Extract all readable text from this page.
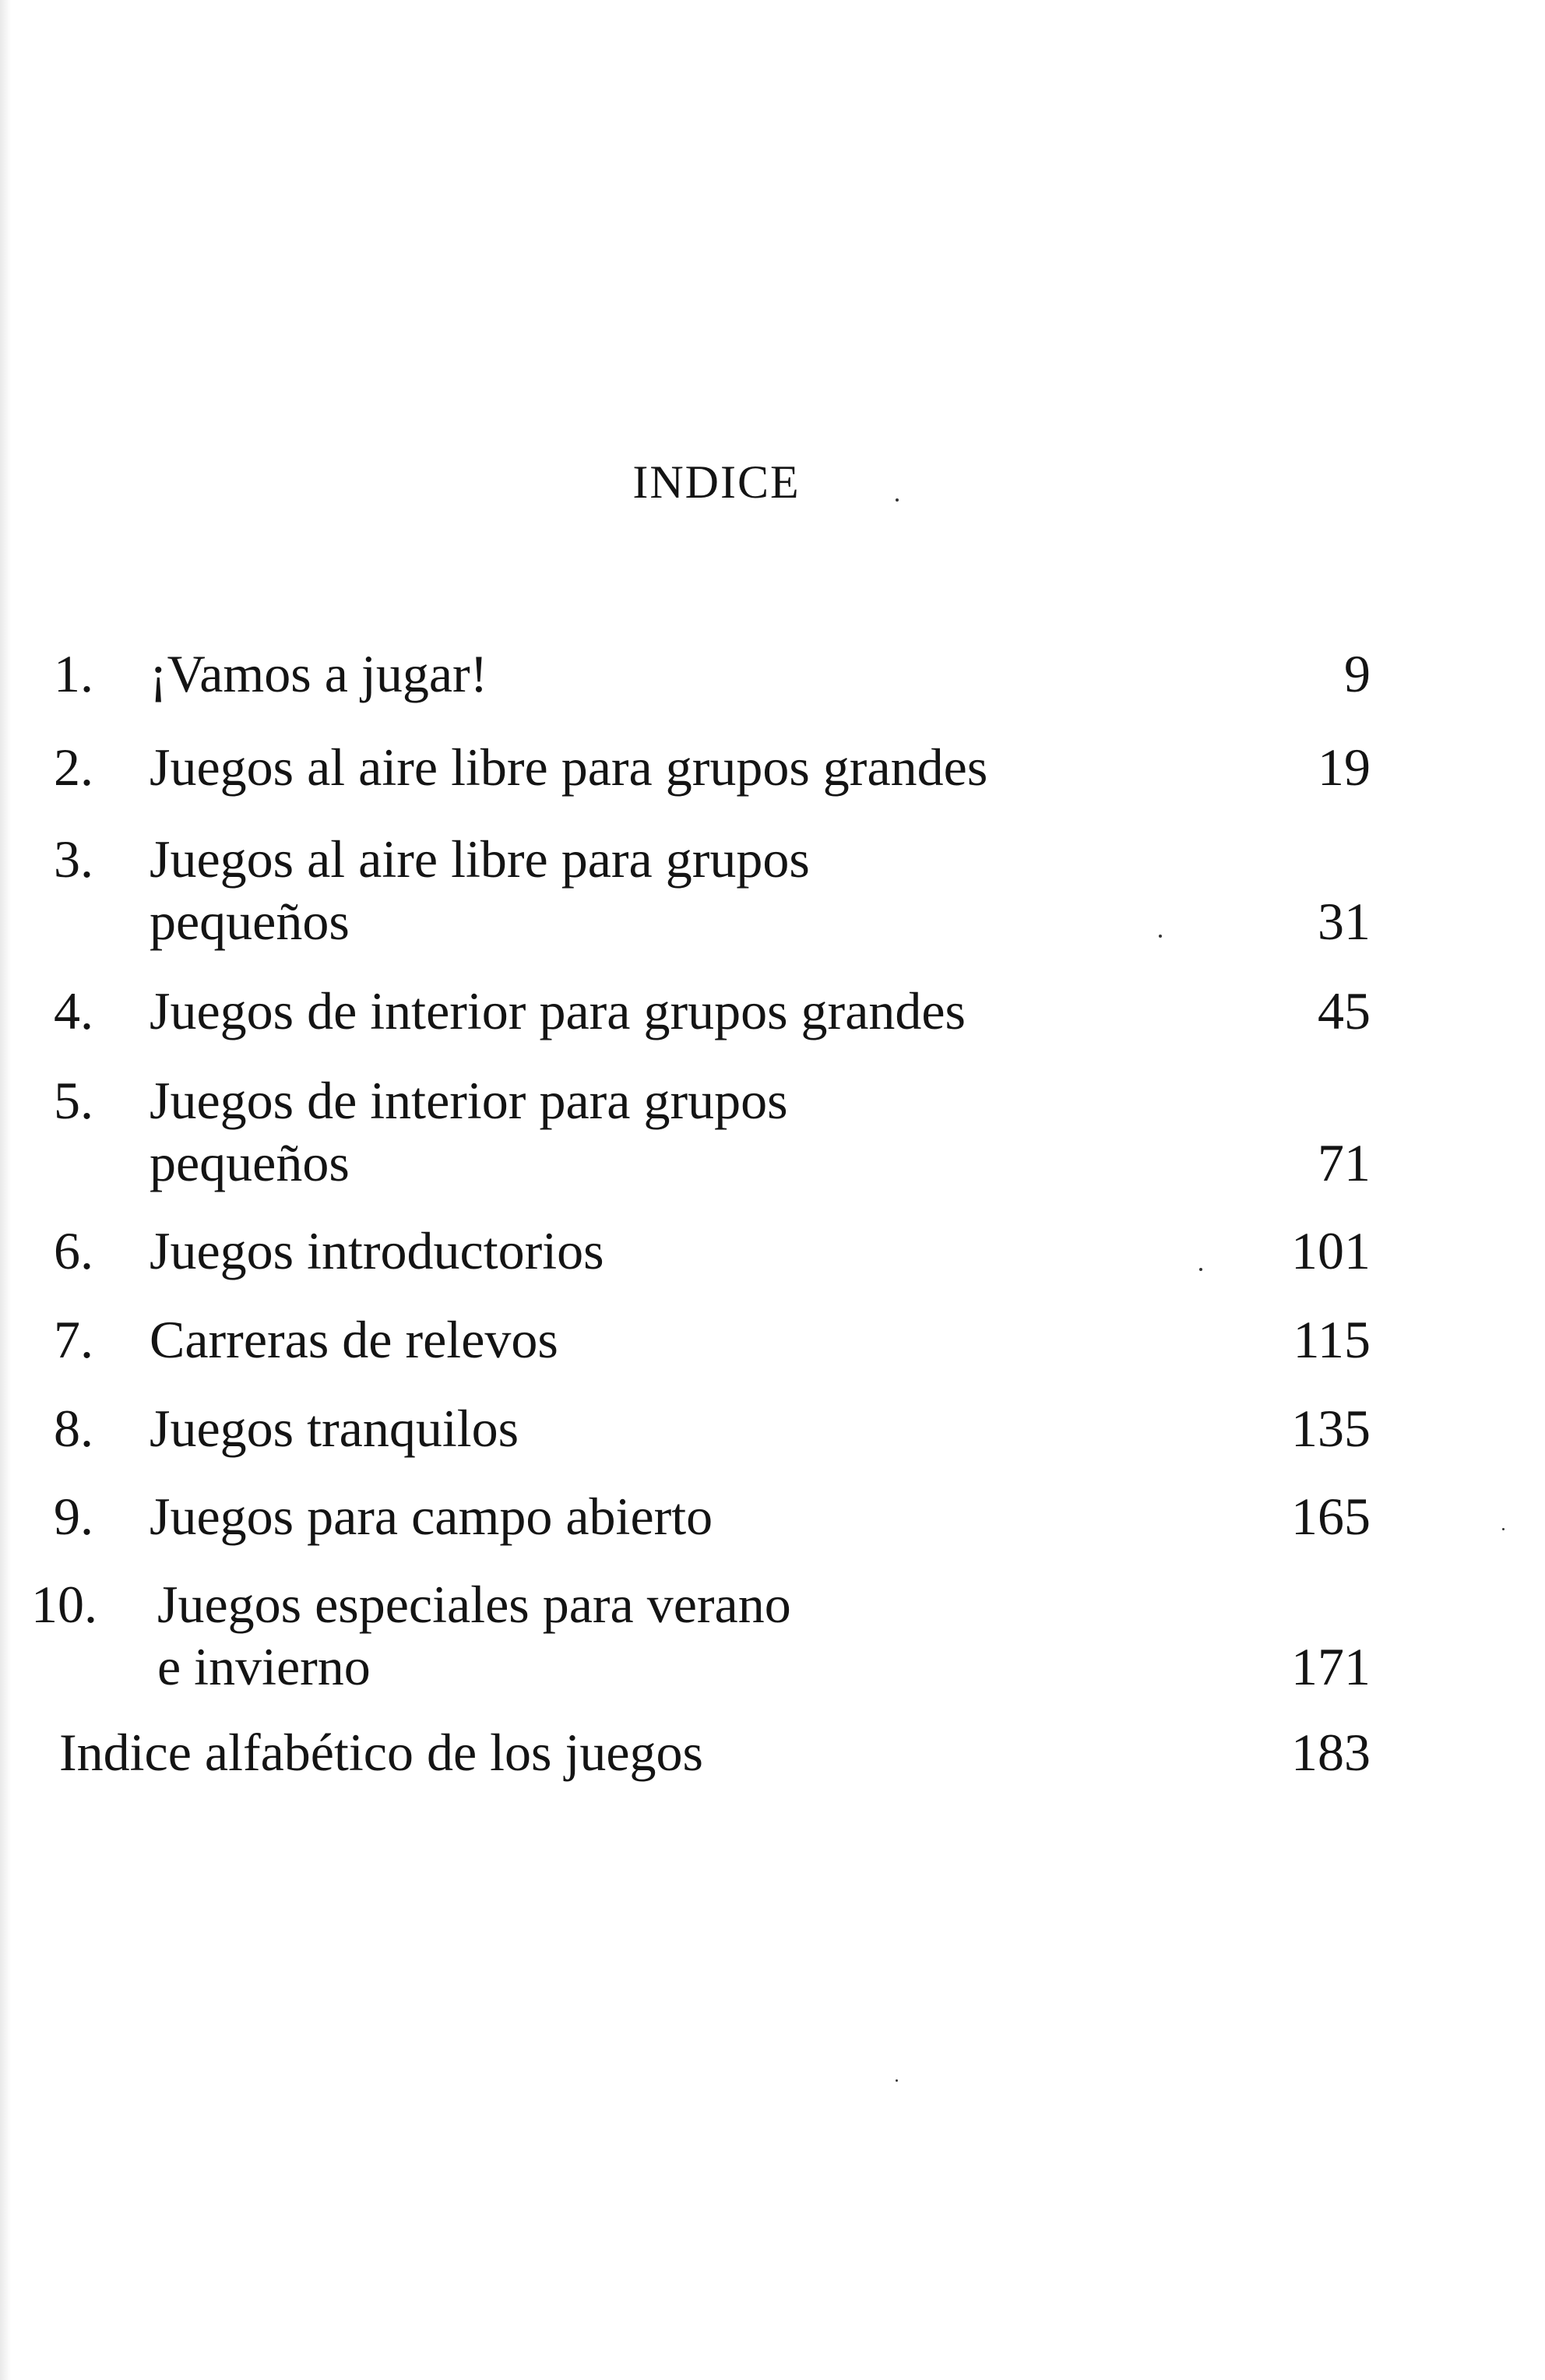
INDICE
1. ¡Vamos a jugar!	9
2. Juegos al aire libre para grupos grandes	19
3. Juegos al aire libre para grupos
pequeños	31
4. Juegos de interior para grupos grandes	45
5. Juegos de interior para grupos
pequeños	71
6. Juegos introductorios	101
7. Carreras de relevos	115
8. Juegos tranquilos	135
9. Juegos para campo abierto	165
10. Juegos especiales para verano
e invierno	171
Indice alfabético de los juegos	183
